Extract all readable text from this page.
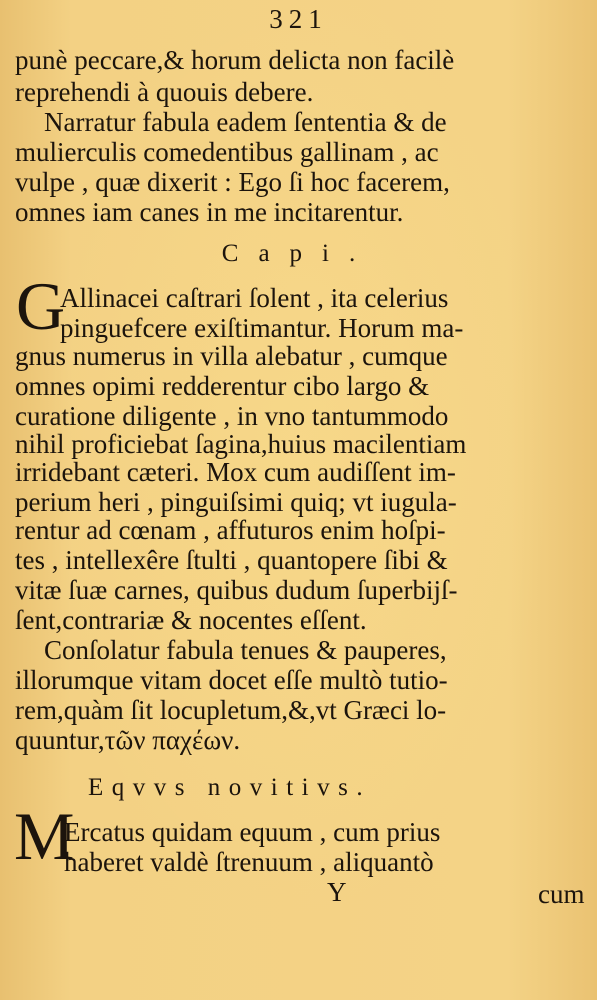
321
punè peccare,& horum delicta non facilè
reprehendi à quouis debere.
Narratur fabula eadem ſententia & de
mulierculis comedentibus gallinam , ac
vulpe , quæ dixerit : Ego ſi hoc facerem,
omnes iam canes in me incitarentur.
Capi.
G
Allinacei caſtrari ſolent , ita celerius
pinguefcere exiſtimantur. Horum ma-
gnus numerus in villa alebatur , cumque
omnes opimi redderentur cibo largo &
curatione diligente , in vno tantummodo
nihil proficiebat ſagina,huius macilentiam
irridebant cæteri. Mox cum audiſſent im-
perium heri , pinguiſsimi quiq; vt iugula-
rentur ad cœnam , affuturos enim hoſpi-
tes , intellexêre ſtulti , quantopere ſibi &
vitæ ſuæ carnes, quibus dudum ſuperbijſ-
ſent,contrariæ & nocentes eſſent.
Conſolatur fabula tenues & pauperes,
illorumque vitam docet eſſe multò tutio-
rem,quàm ſit locupletum,&,vt Græci lo-
quuntur,τῶν παχέων.
Eqvvs novitivs.
M
Ercatus quidam equum , cum prius
haberet valdè ſtrenuum , aliquantò
Y	cum
